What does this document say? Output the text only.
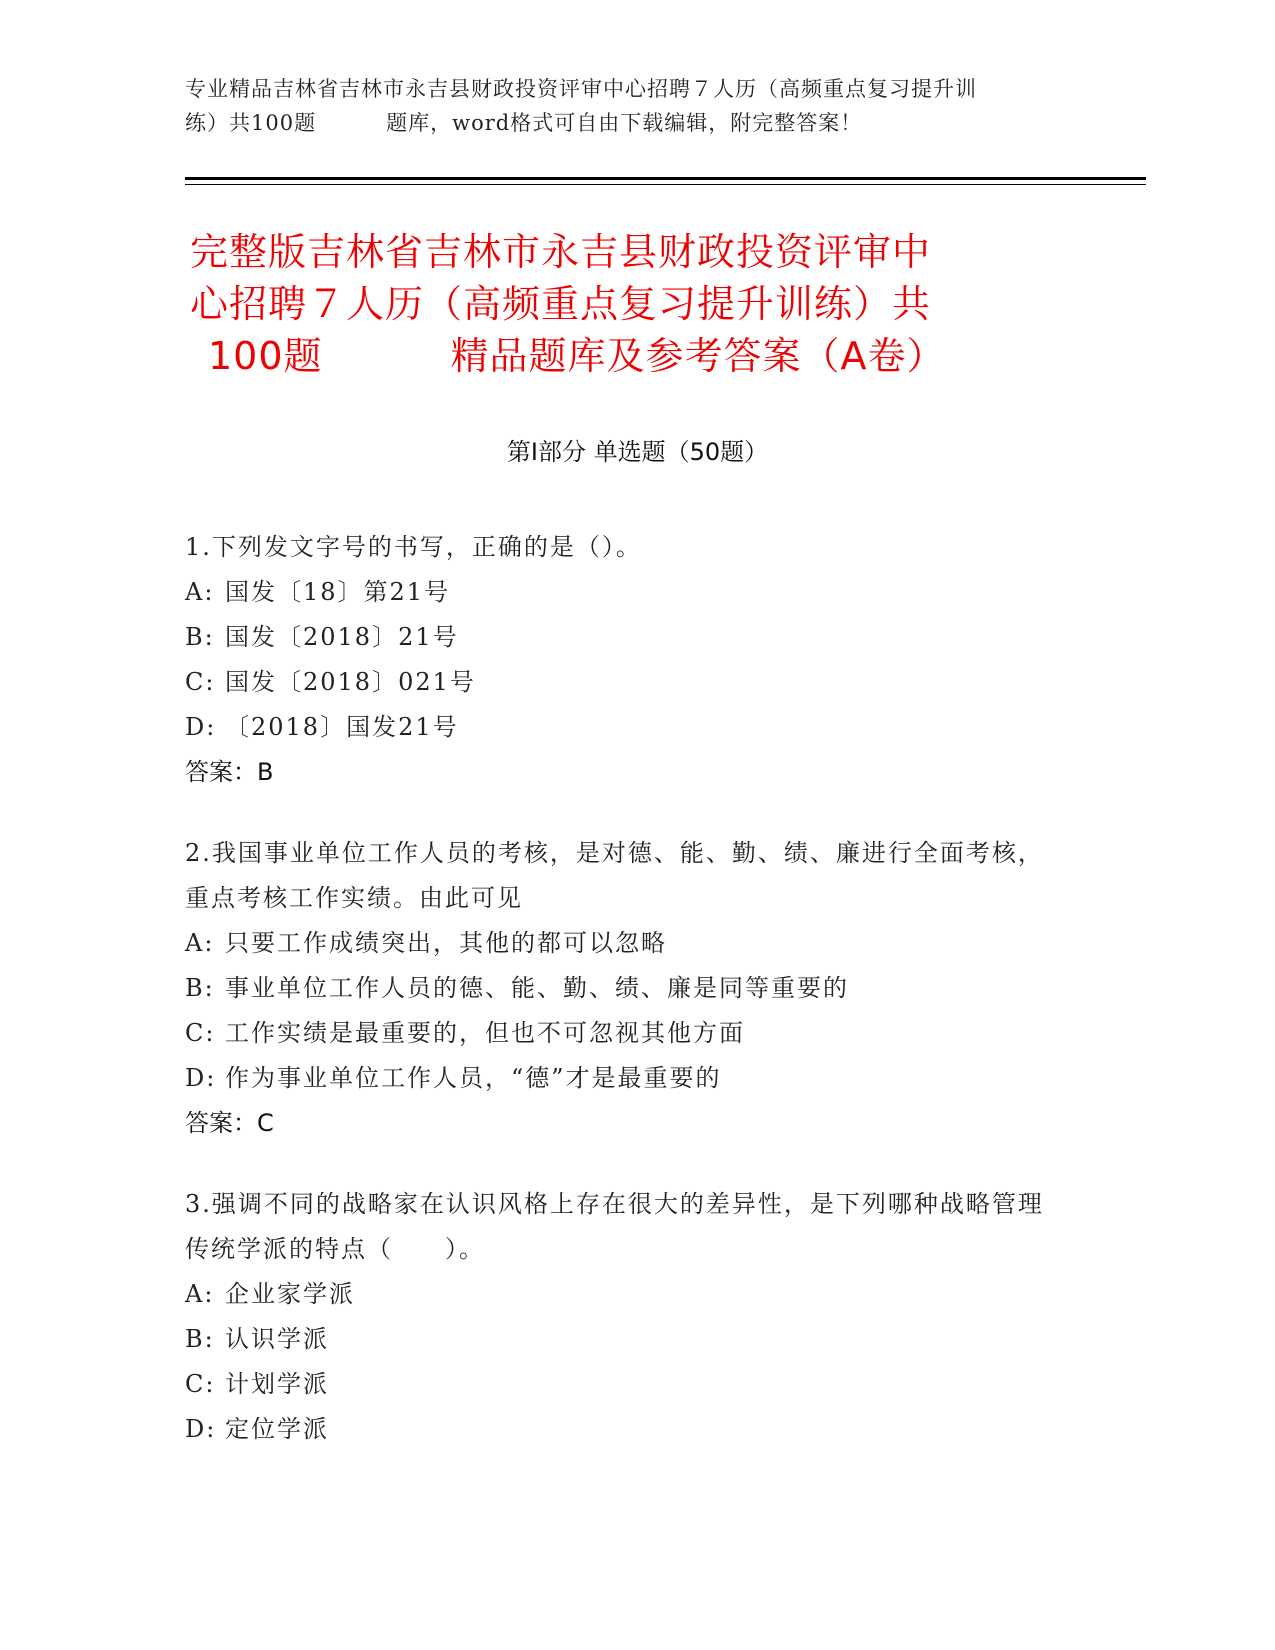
专业精品吉林省吉林市永吉县财政投资评审中心招聘７人历（高频重点复习提升训
练）共100题	题库，word格式可自由下载编辑，附完整答案！
完整版吉林省吉林市永吉县财政投资评审中
心招聘７人历（高频重点复习提升训练）共
100题	精品题库及参考答案（A卷）
第Ⅰ部分 单选题（50题）
1.下列发文字号的书写，正确的是（）。
A: 国发〔18〕第21号
B: 国发〔2018〕21号
C: 国发〔2018〕021号
D: 〔2018〕国发21号
答案：B
2.我国事业单位工作人员的考核，是对德、能、勤、绩、廉进行全面考核，重点考核工作实绩。由此可见
A: 只要工作成绩突出，其他的都可以忽略
B: 事业单位工作人员的德、能、勤、绩、廉是同等重要的
C: 工作实绩是最重要的，但也不可忽视其他方面
D: 作为事业单位工作人员，“德”才是最重要的
答案：C
3.强调不同的战略家在认识风格上存在很大的差异性，是下列哪种战略管理传统学派的特点（　　）。
A: 企业家学派
B: 认识学派
C: 计划学派
D: 定位学派
